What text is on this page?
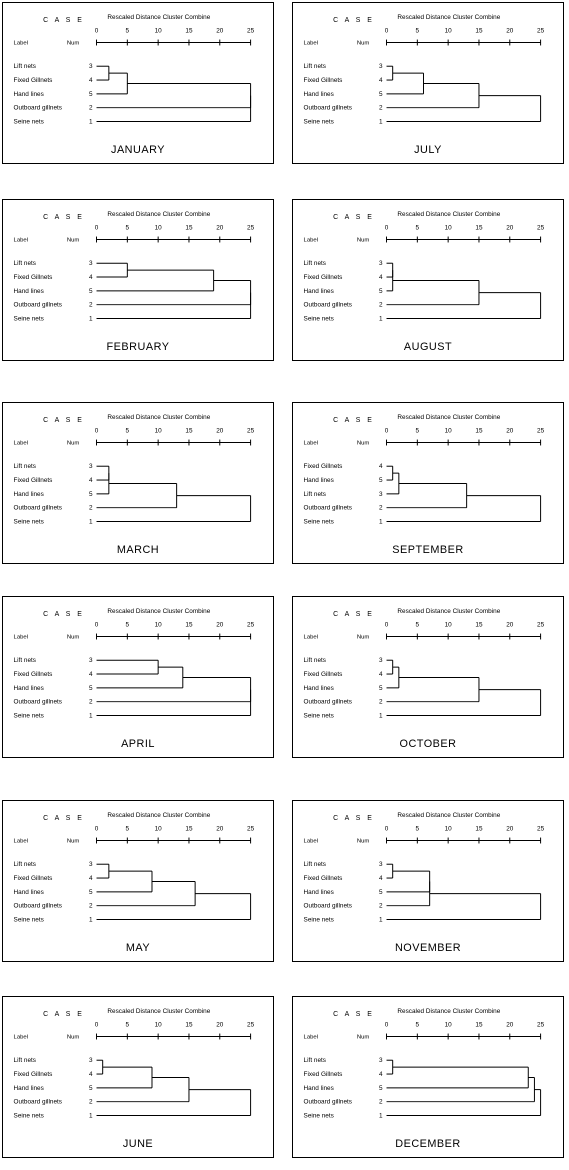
C A S E	Rescaled Distance Cluster Combine
Label	Num
0	5	10	15	20	25
Lift nets	3
Fixed Gillnets	4
Hand lines	5
Outboard gillnets	2
Seine nets	1
JANUARY
C A S E	Rescaled Distance Cluster Combine
Label	Num
0	5	10	15	20	25
Lift nets	3
Fixed Gillnets	4
Hand lines	5
Outboard gillnets	2
Seine nets	1
JULY
C A S E	Rescaled Distance Cluster Combine
Label	Num
0	5	10	15	20	25
Lift nets	3
Fixed Gillnets	4
Hand lines	5
Outboard gillnets	2
Seine nets	1
FEBRUARY
C A S E	Rescaled Distance Cluster Combine
Label	Num
0	5	10	15	20	25
Lift nets	3
Fixed Gillnets	4
Hand lines	5
Outboard gillnets	2
Seine nets	1
AUGUST
C A S E	Rescaled Distance Cluster Combine
Label	Num
0	5	10	15	20	25
Lift nets	3
Fixed Gillnets	4
Hand lines	5
Outboard gillnets	2
Seine nets	1
MARCH
C A S E	Rescaled Distance Cluster Combine
Label	Num
0	5	10	15	20	25
Fixed Gillnets	4
Hand lines	5
Lift nets	3
Outboard gillnets	2
Seine nets	1
SEPTEMBER
C A S E	Rescaled Distance Cluster Combine
Label	Num
0	5	10	15	20	25
Lift nets	3
Fixed Gillnets	4
Hand lines	5
Outboard gillnets	2
Seine nets	1
APRIL
C A S E	Rescaled Distance Cluster Combine
Label	Num
0	5	10	15	20	25
Lift nets	3
Fixed Gillnets	4
Hand lines	5
Outboard gillnets	2
Seine nets	1
OCTOBER
C A S E	Rescaled Distance Cluster Combine
Label	Num
0	5	10	15	20	25
Lift nets	3
Fixed Gillnets	4
Hand lines	5
Outboard gillnets	2
Seine nets	1
MAY
C A S E	Rescaled Distance Cluster Combine
Label	Num
0	5	10	15	20	25
Lift nets	3
Fixed Gillnets	4
Hand lines	5
Outboard gillnets	2
Seine nets	1
NOVEMBER
C A S E	Rescaled Distance Cluster Combine
Label	Num
0	5	10	15	20	25
Lift nets	3
Fixed Gillnets	4
Hand lines	5
Outboard gillnets	2
Seine nets	1
JUNE
C A S E	Rescaled Distance Cluster Combine
Label	Num
0	5	10	15	20	25
Lift nets	3
Fixed Gillnets	4
Hand lines	5
Outboard gillnets	2
Seine nets	1
DECEMBER
